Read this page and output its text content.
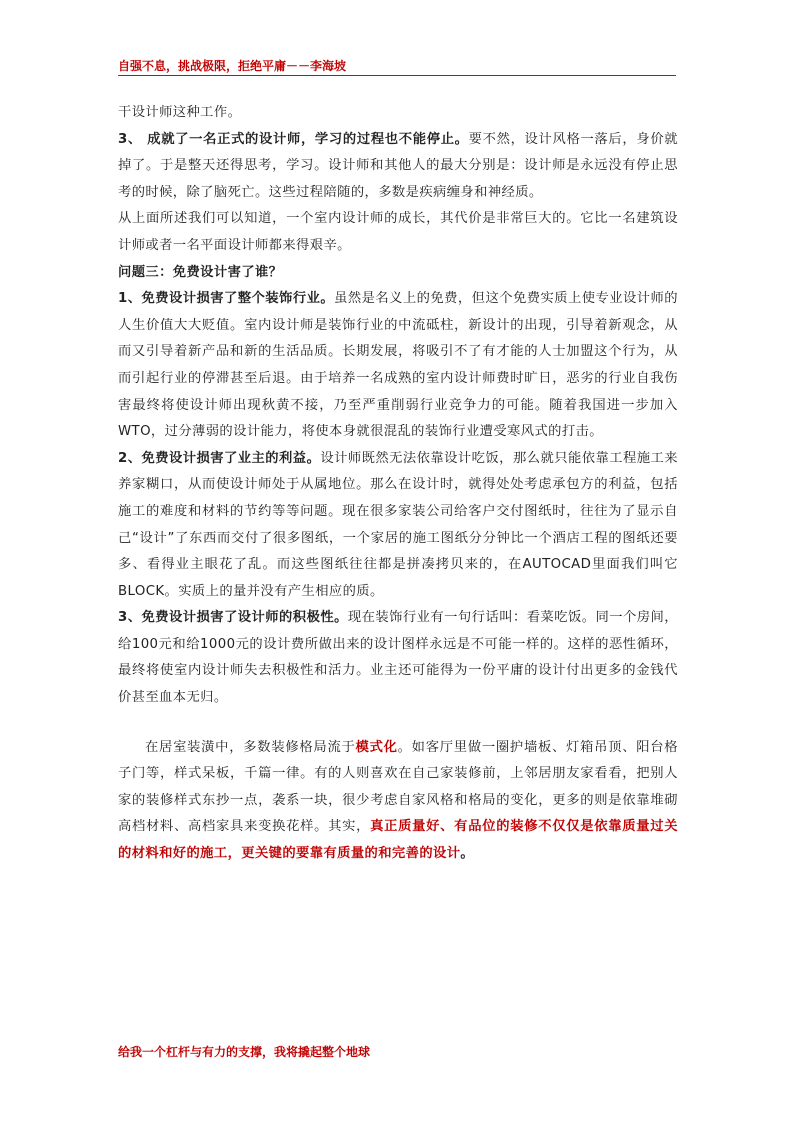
自强不息，挑战极限，拒绝平庸－－李海坡

干设计师这种工作。

3、 成就了一名正式的设计师，学习的过程也不能停止。要不然，设计风格一落后，身价就掉了。于是整天还得思考，学习。设计师和其他人的最大分别是：设计师是永远没有停止思考的时候，除了脑死亡。这些过程陪随的，多数是疾病缠身和神经质。

从上面所述我们可以知道，一个室内设计师的成长，其代价是非常巨大的。它比一名建筑设计师或者一名平面设计师都来得艰辛。

问题三：免费设计害了谁？

1、免费设计损害了整个装饰行业。虽然是名义上的免费，但这个免费实质上使专业设计师的人生价值大大贬值。室内设计师是装饰行业的中流砥柱，新设计的出现，引导着新观念，从而又引导着新产品和新的生活品质。长期发展，将吸引不了有才能的人士加盟这个行为，从而引起行业的停滞甚至后退。由于培养一名成熟的室内设计师费时旷日，恶劣的行业自我伤害最终将使设计师出现秋黄不接，乃至严重削弱行业竞争力的可能。随着我国进一步加入WTO，过分薄弱的设计能力，将使本身就很混乱的装饰行业遭受寒风式的打击。

2、免费设计损害了业主的利益。设计师既然无法依靠设计吃饭，那么就只能依靠工程施工来养家糊口，从而使设计师处于从属地位。那么在设计时，就得处处考虑承包方的利益，包括施工的难度和材料的节约等等问题。现在很多家装公司给客户交付图纸时，往往为了显示自己“设计”了东西而交付了很多图纸，一个家居的施工图纸分分钟比一个酒店工程的图纸还要多、看得业主眼花了乱。而这些图纸往往都是拼凑拷贝来的，在AUTOCAD里面我们叫它BLOCK。实质上的量并没有产生相应的质。

3、免费设计损害了设计师的积极性。现在装饰行业有一句行话叫：看菜吃饭。同一个房间，给100元和给1000元的设计费所做出来的设计图样永远是不可能一样的。这样的恶性循环，最终将使室内设计师失去积极性和活力。业主还可能得为一份平庸的设计付出更多的金钱代价甚至血本无归。

在居室装潢中，多数装修格局流于模式化。如客厅里做一圈护墙板、灯箱吊顶、阳台格子门等，样式呆板，千篇一律。有的人则喜欢在自己家装修前，上邻居朋友家看看，把别人家的装修样式东抄一点，袭系一块，很少考虑自家风格和格局的变化，更多的则是依靠堆砌高档材料、高档家具来变换花样。其实，真正质量好、有品位的装修不仅仅是依靠质量过关的材料和好的施工，更关键的要靠有质量的和完善的设计。

给我一个杠杆与有力的支撑，我将撬起整个地球
